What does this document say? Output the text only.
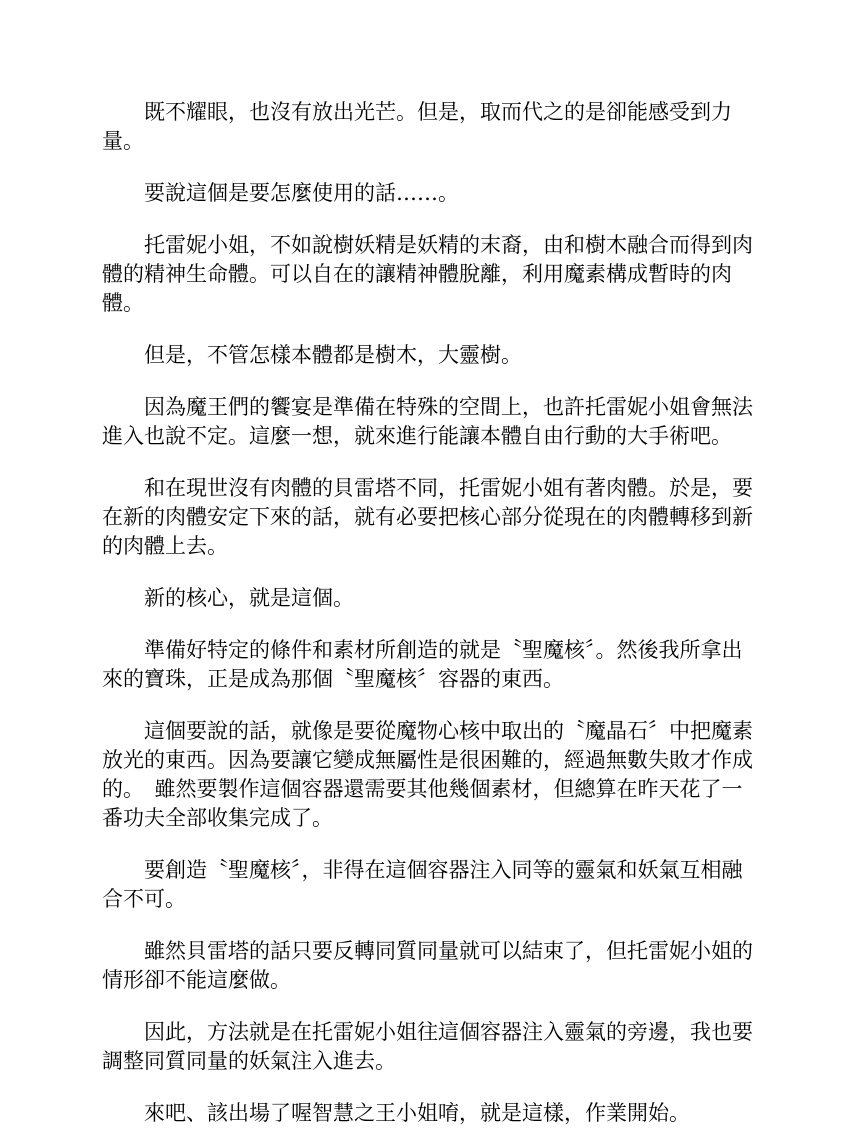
既不耀眼，也沒有放出光芒。但是，取而代之的是卻能感受到力量。

要說這個是要怎麼使用的話……。

托雷妮小姐，不如說樹妖精是妖精的末裔，由和樹木融合而得到肉體的精神生命體。可以自在的讓精神體脫離，利用魔素構成暫時的肉體。

但是，不管怎樣本體都是樹木，大靈樹。

因為魔王們的饗宴是準備在特殊的空間上，也許托雷妮小姐會無法進入也說不定。這麼一想，就來進行能讓本體自由行動的大手術吧。

和在現世沒有肉體的貝雷塔不同，托雷妮小姐有著肉體。於是，要在新的肉體安定下來的話，就有必要把核心部分從現在的肉體轉移到新的肉體上去。

新的核心，就是這個。

準備好特定的條件和素材所創造的就是〝聖魔核〞。然後我所拿出來的寶珠，正是成為那個〝聖魔核〞容器的東西。

這個要說的話，就像是要從魔物心核中取出的〝魔晶石〞中把魔素放光的東西。因為要讓它變成無屬性是很困難的，經過無數失敗才作成的。　雖然要製作這個容器還需要其他幾個素材，但總算在昨天花了一番功夫全部收集完成了。

要創造〝聖魔核〞，非得在這個容器注入同等的靈氣和妖氣互相融合不可。

雖然貝雷塔的話只要反轉同質同量就可以結束了，但托雷妮小姐的情形卻不能這麼做。

因此，方法就是在托雷妮小姐往這個容器注入靈氣的旁邊，我也要調整同質同量的妖氣注入進去。

來吧、該出場了喔智慧之王小姐唷，就是這樣，作業開始。
